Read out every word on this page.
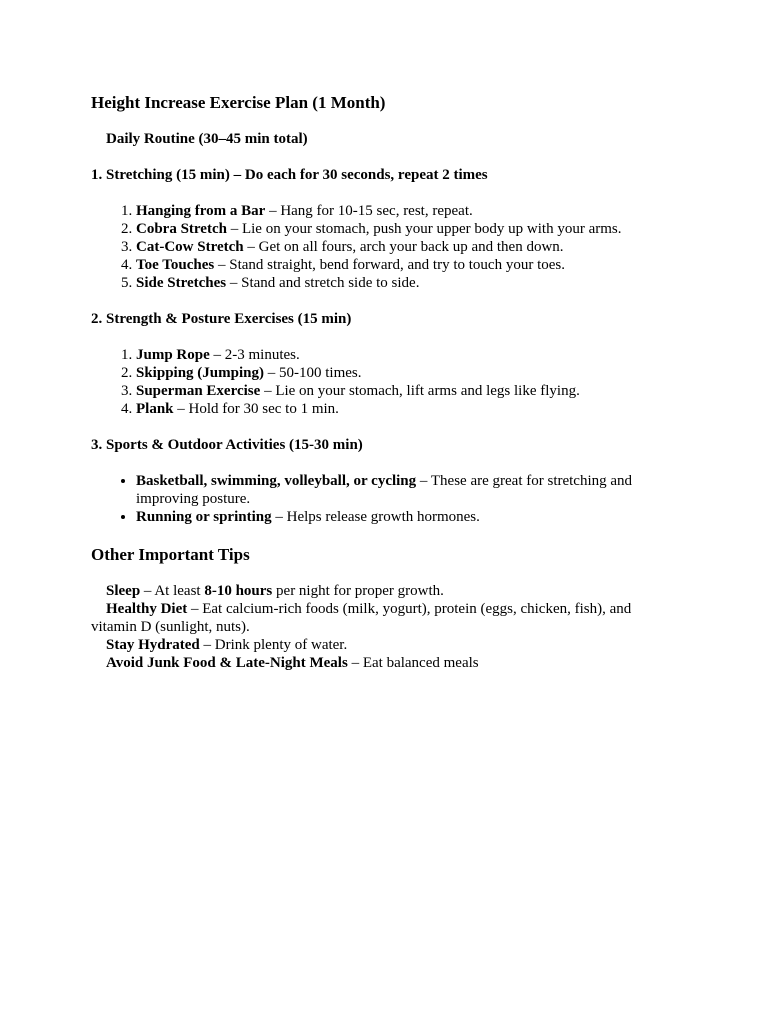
Height Increase Exercise Plan (1 Month)

Daily Routine (30–45 min total)

1. Stretching (15 min) – Do each for 30 seconds, repeat 2 times

1. Hanging from a Bar – Hang for 10-15 sec, rest, repeat.
2. Cobra Stretch – Lie on your stomach, push your upper body up with your arms.
3. Cat-Cow Stretch – Get on all fours, arch your back up and then down.
4. Toe Touches – Stand straight, bend forward, and try to touch your toes.
5. Side Stretches – Stand and stretch side to side.

2. Strength & Posture Exercises (15 min)

1. Jump Rope – 2-3 minutes.
2. Skipping (Jumping) – 50-100 times.
3. Superman Exercise – Lie on your stomach, lift arms and legs like flying.
4. Plank – Hold for 30 sec to 1 min.

3. Sports & Outdoor Activities (15-30 min)

• Basketball, swimming, volleyball, or cycling – These are great for stretching and improving posture.
• Running or sprinting – Helps release growth hormones.
Other Important Tips

Sleep – At least 8-10 hours per night for proper growth.

Healthy Diet – Eat calcium-rich foods (milk, yogurt), protein (eggs, chicken, fish), and vitamin D (sunlight, nuts).

Stay Hydrated – Drink plenty of water.

Avoid Junk Food & Late-Night Meals – Eat balanced meals
